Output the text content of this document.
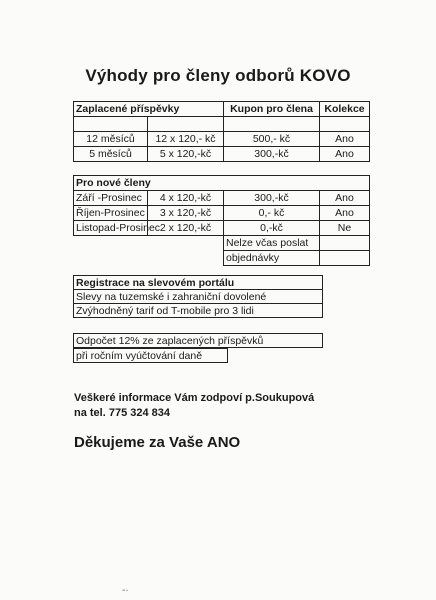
Výhody pro členy odborů KOVO
Zaplacené příspěvky		Kupon pro člena	Kolekce

12 měsíců	12 x 120,- kč	500,- kč	Ano
5 měsíců	5 x 120,-kč	300,-kč	Ano
Pro nové členy			
Září -Prosinec	4 x 120,-kč	300,-kč	Ano
Říjen-Prosinec	3 x 120,-kč	0,- kč	Ano
Listopad-Prosinec	2 x 120,-kč	0,-kč	Ne
		Nelze včas poslat	
		objednávky	
Registrace na slevovém portálu
Slevy na tuzemské i zahraniční dovolené
Zvýhodněný tarif od T-mobile pro 3 lidi
Odpočet 12% ze zaplacených příspěvků
při ročním vyúčtování daně
Veškeré informace Vám zodpoví p.Soukupová
na tel. 775 324 834
Děkujeme za Vaše ANO
-·
